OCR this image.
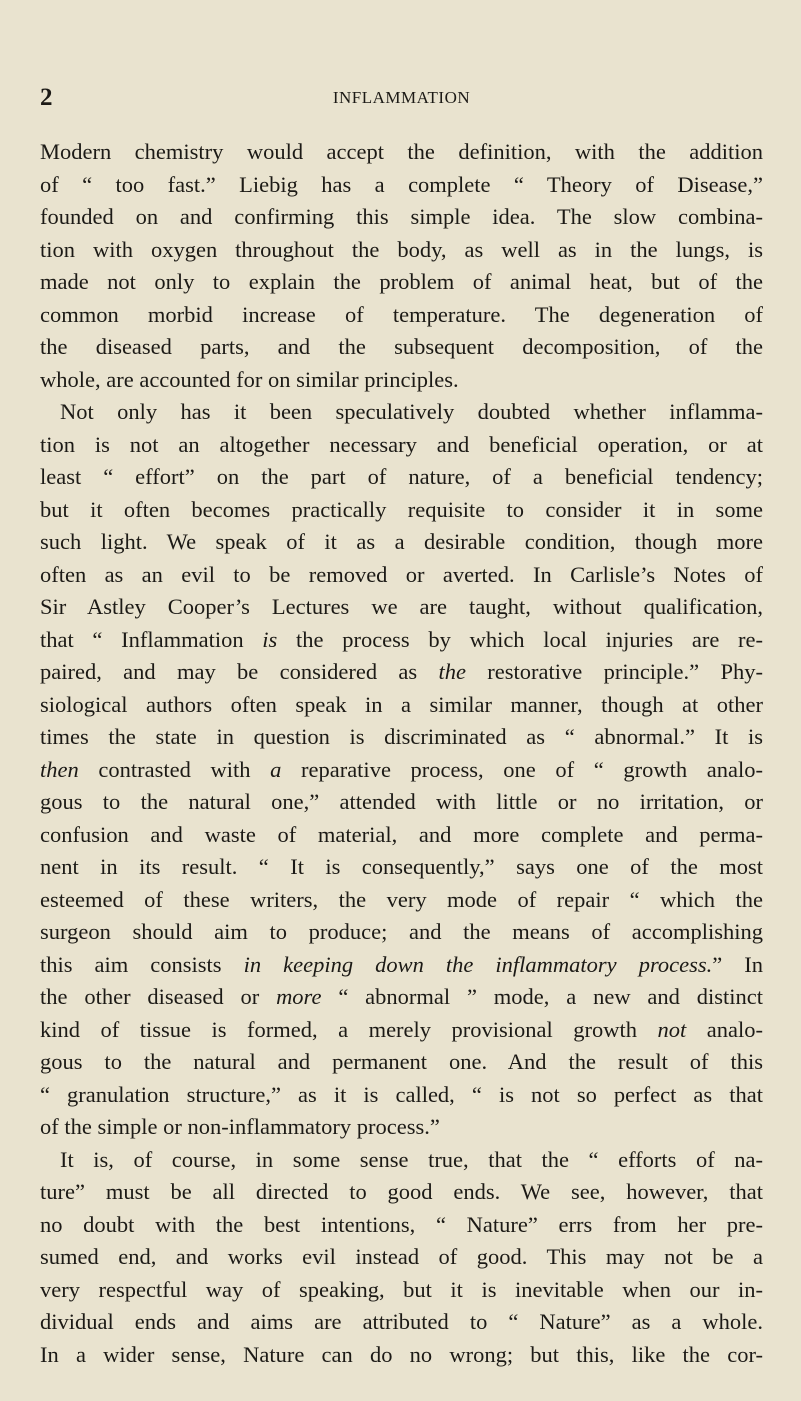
2	INFLAMMATION
Modern chemistry would accept the definition, with the addition
of “ too fast.” Liebig has a complete “ Theory of Disease,”
founded on and confirming this simple idea. The slow combina-
tion with oxygen throughout the body, as well as in the lungs, is
made not only to explain the problem of animal heat, but of the
common morbid increase of temperature. The degeneration of
the diseased parts, and the subsequent decomposition, of the
whole, are accounted for on similar principles.
Not only has it been speculatively doubted whether inflamma-
tion is not an altogether necessary and beneficial operation, or at
least “ effort” on the part of nature, of a beneficial tendency;
but it often becomes practically requisite to consider it in some
such light. We speak of it as a desirable condition, though more
often as an evil to be removed or averted. In Carlisle’s Notes of
Sir Astley Cooper’s Lectures we are taught, without qualification,
that “ Inflammation is the process by which local injuries are re-
paired, and may be considered as the restorative principle.” Phy-
siological authors often speak in a similar manner, though at other
times the state in question is discriminated as “ abnormal.” It is
then contrasted with a reparative process, one of “ growth analo-
gous to the natural one,” attended with little or no irritation, or
confusion and waste of material, and more complete and perma-
nent in its result. “ It is consequently,” says one of the most
esteemed of these writers, the very mode of repair “ which the
surgeon should aim to produce; and the means of accomplishing
this aim consists in keeping down the inflammatory process.” In
the other diseased or more “ abnormal ” mode, a new and distinct
kind of tissue is formed, a merely provisional growth not analo-
gous to the natural and permanent one. And the result of this
“ granulation structure,” as it is called, “ is not so perfect as that
of the simple or non-inflammatory process.”
It is, of course, in some sense true, that the “ efforts of na-
ture” must be all directed to good ends. We see, however, that
no doubt with the best intentions, “ Nature” errs from her pre-
sumed end, and works evil instead of good. This may not be a
very respectful way of speaking, but it is inevitable when our in-
dividual ends and aims are attributed to “ Nature” as a whole.
In a wider sense, Nature can do no wrong; but this, like the cor-
